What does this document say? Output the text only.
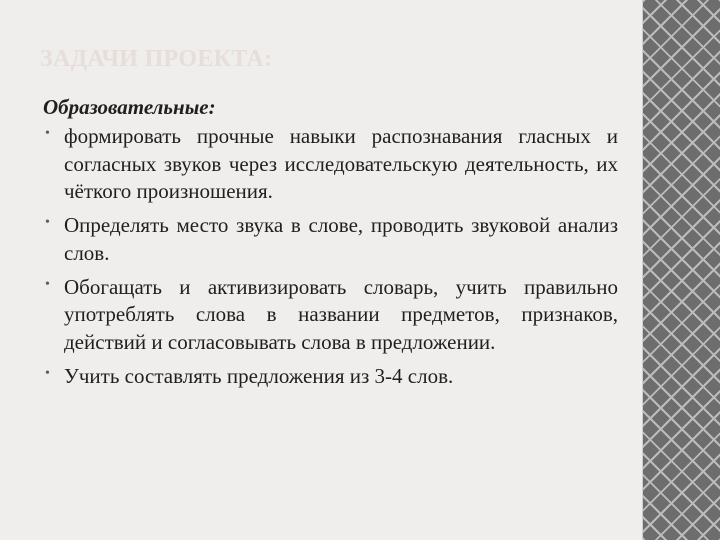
ЗАДАЧИ ПРОЕКТА:
Образовательные:
• формировать прочные навыки распознавания гласных и согласных звуков через исследовательскую деятельность, их чёткого произношения.
• Определять место звука в слове, проводить звуковой анализ слов.
• Обогащать и активизировать словарь, учить правильно употреблять слова в названии предметов, признаков, действий и согласовывать слова в предложении.
• Учить составлять предложения из 3-4 слов.
